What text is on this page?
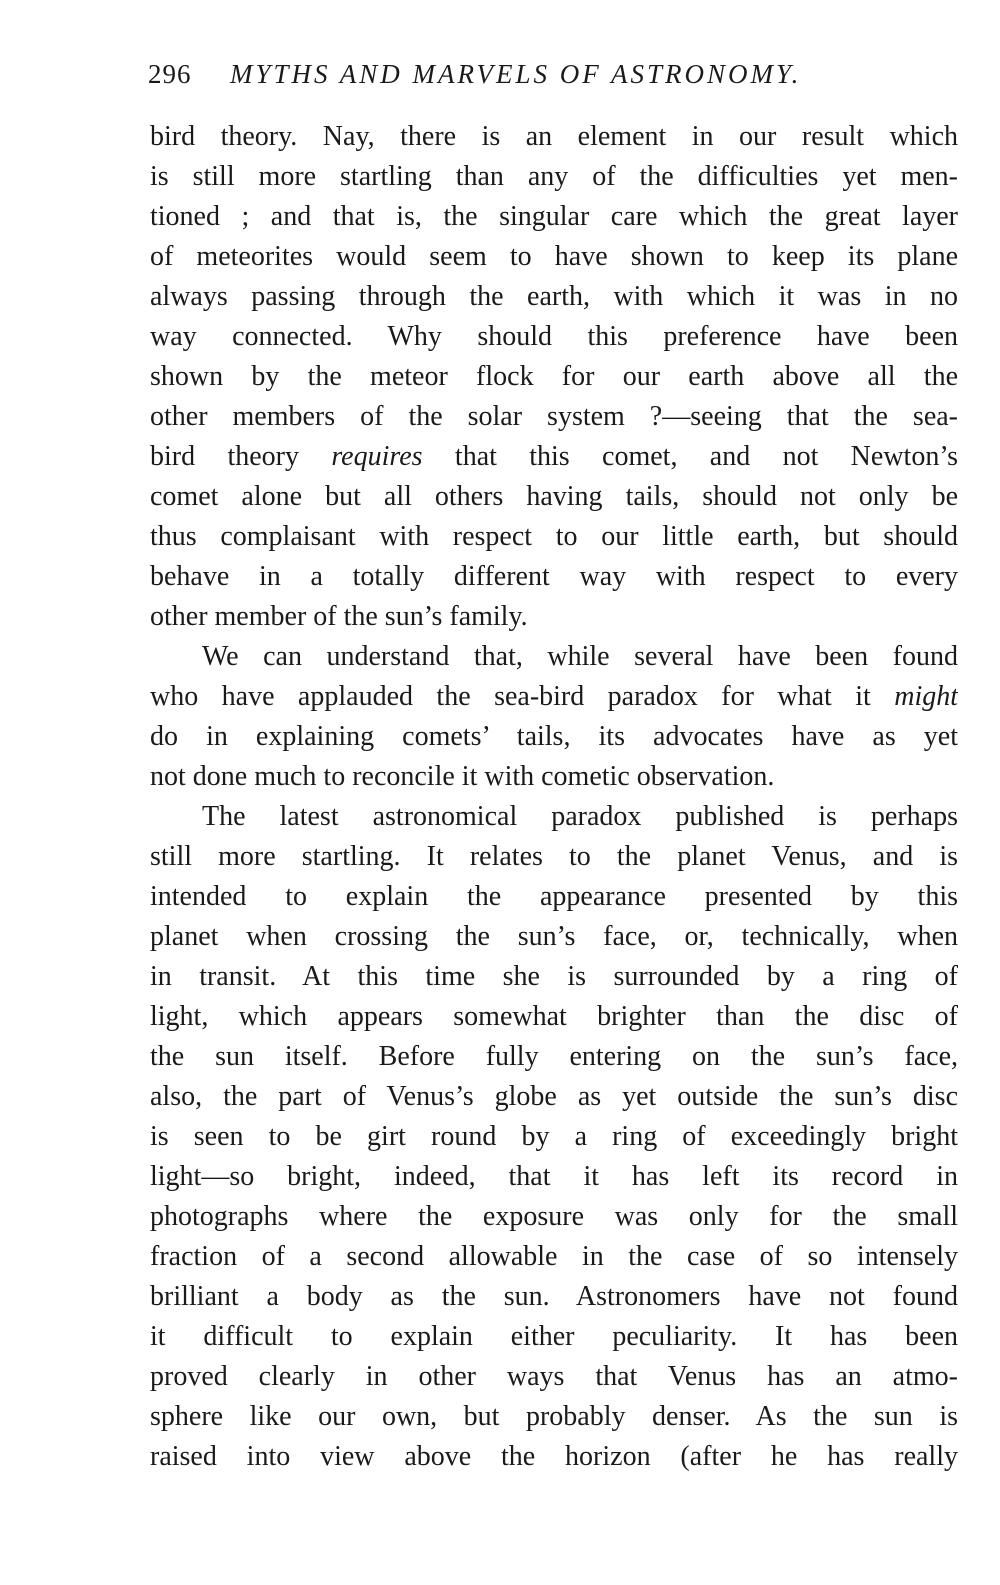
296 MYTHS AND MARVELS OF ASTRONOMY.
bird theory. Nay, there is an element in our result which
is still more startling than any of the difficulties yet men-
tioned ; and that is, the singular care which the great layer
of meteorites would seem to have shown to keep its plane
always passing through the earth, with which it was in no
way connected. Why should this preference have been
shown by the meteor flock for our earth above all the
other members of the solar system ?—seeing that the sea-
bird theory requires that this comet, and not Newton’s
comet alone but all others having tails, should not only be
thus complaisant with respect to our little earth, but should
behave in a totally different way with respect to every
other member of the sun’s family.
We can understand that, while several have been found
who have applauded the sea-bird paradox for what it might
do in explaining comets’ tails, its advocates have as yet
not done much to reconcile it with cometic observation.
The latest astronomical paradox published is perhaps
still more startling. It relates to the planet Venus, and is
intended to explain the appearance presented by this
planet when crossing the sun’s face, or, technically, when
in transit. At this time she is surrounded by a ring of
light, which appears somewhat brighter than the disc of
the sun itself. Before fully entering on the sun’s face,
also, the part of Venus’s globe as yet outside the sun’s disc
is seen to be girt round by a ring of exceedingly bright
light—so bright, indeed, that it has left its record in
photographs where the exposure was only for the small
fraction of a second allowable in the case of so intensely
brilliant a body as the sun. Astronomers have not found
it difficult to explain either peculiarity. It has been
proved clearly in other ways that Venus has an atmo-
sphere like our own, but probably denser. As the sun is
raised into view above the horizon (after he has really
